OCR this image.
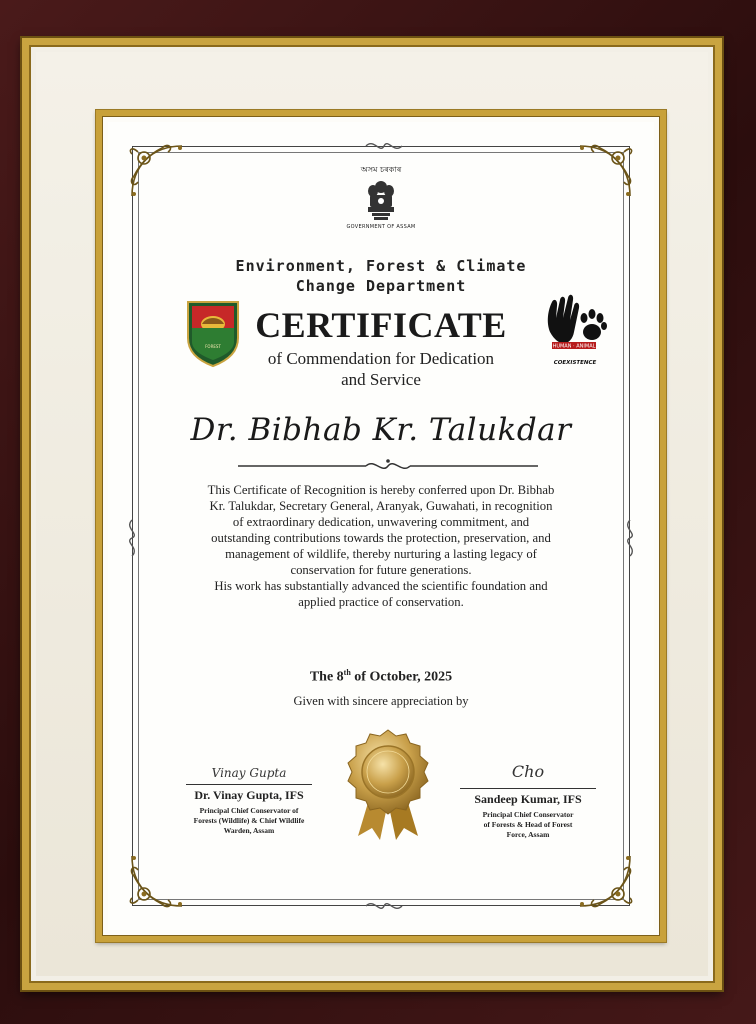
অসম চৰকাৰ
GOVERNMENT OF ASSAM
Environment, Forest & Climate
Change Department
FOREST
CERTIFICATE
HUMAN · ANIMAL
COEXISTENCE
of Commendation for Dedication
and Service
Dr. Bibhab Kr. Talukdar
This Certificate of Recognition is hereby conferred upon Dr. Bibhab
Kr. Talukdar, Secretary General, Aranyak, Guwahati, in recognition
of extraordinary dedication, unwavering commitment, and
outstanding contributions towards the protection, preservation, and
management of wildlife, thereby nurturing a lasting legacy of
conservation for future generations.
His work has substantially advanced the scientific foundation and
applied practice of conservation.
The 8th of October, 2025
Given with sincere appreciation by
Vinay Gupta
Dr. Vinay Gupta, IFS
Principal Chief Conservator of
Forests (Wildlife) & Chief Wildlife
Warden, Assam
Cho
Sandeep Kumar, IFS
Principal Chief Conservator
of Forests & Head of Forest
Force, Assam
